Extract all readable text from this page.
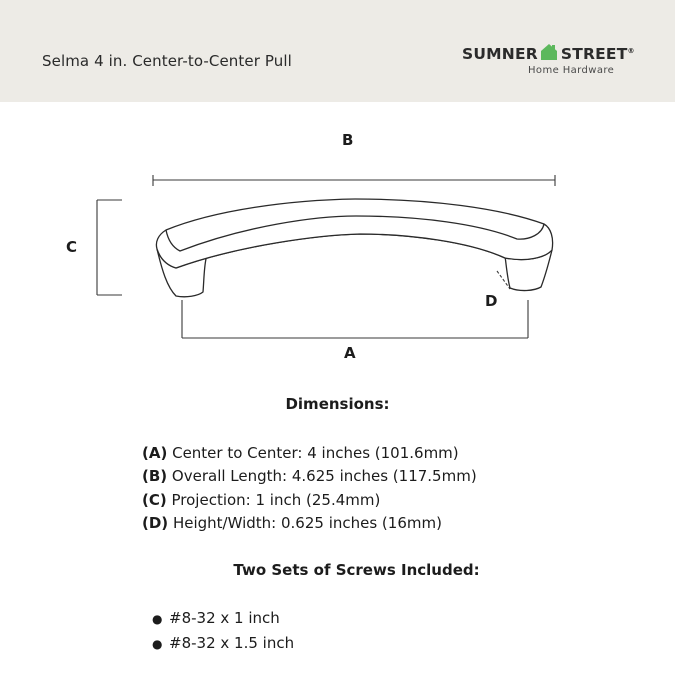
Selma 4 in. Center-to-Center Pull	SUMNER STREET®
Home Hardware
B
C
D
A
Dimensions:
(A) Center to Center: 4 inches (101.6mm)
(B) Overall Length: 4.625 inches (117.5mm)
(C) Projection: 1 inch (25.4mm)
(D) Height/Width: 0.625 inches (16mm)
Two Sets of Screws Included:
● #8-32 x 1 inch
● #8-32 x 1.5 inch
